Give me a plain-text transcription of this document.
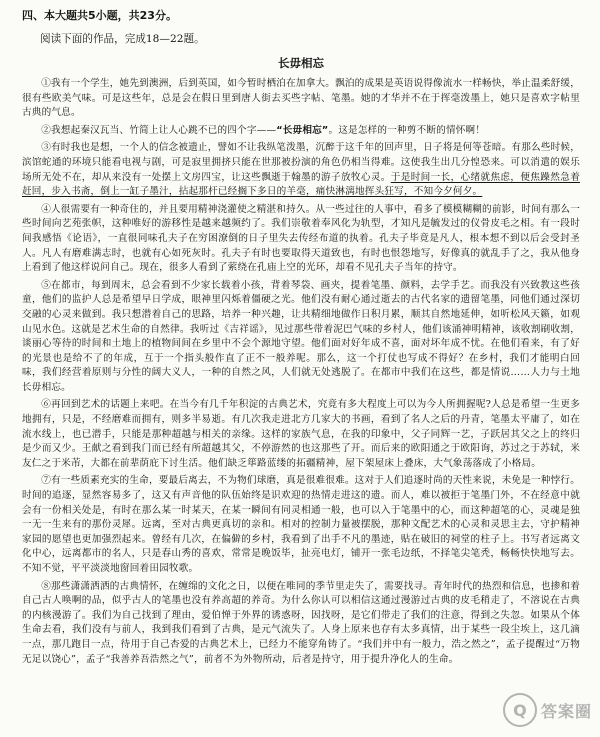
四、本大题共5小题，共23分。
阅读下面的作品，完成18—22题。
长毋相忘

①我有一个学生，她先到澳洲，后到英国，如今暂时栖泊在加拿大。飘泊的成果是英语说得像流水一样畅快，举止温柔舒缓，很有些欧美气味。可是这些年，总是会在假日里到唐人街去买些字帖、笔墨。她的才华并不在于挥毫泼墨上，她只是喜欢字帖里古典的气息。

②我想起秦汉瓦当、竹简上让人心跳不已的四个字——“长毋相忘”。这是怎样的一种剪不断的情怀啊！

③有时我也是想，一个人的信念被遗止，譬如不让我纵笔泼墨，沉醉于这千年的回声里，日子将是何等苍暗。有那么些时候，滨馆蛇通的环境只能看电视与剧，可是寂里拥挤只能在世那被扮演的角色仍相当得难。这使我生出几分惶恐来。可以消遣的娱乐场所无处不在，却从来没有一处摆上文房四宝，让这些飘逝于翰墨的游子放牧心灵。于是时间一长，心绪就焦虑，便焦躁然急着赶回，步入书斋，倒上一缸子墨汁，拈起那杆已经搁下多日的羊毫，痛快淋漓地挥头狂写，不知今夕何夕。

④人很需要有一种奇住的，并且要用精神浇灌使之精湛和持久。从一些过往的人事中，看多了模模糊糊的前影，时间有那么一些时间向艺苑张帜，这种唯好的游移性是越来越频约了。我们崇敬着奉风化为轨型，才知凡是毓发过的仪骨皮毛之相。有一段时间我感悟《论语》，一直很同味孔夫子在穷困潦倒的日子里失去传经布道的执着。孔夫子毕竟是凡人，根本想不到以后会受封圣人。凡人有磨难满志时，也就有心如死灰时。孔夫子有时也要取得天道致也，有时也恨怨地写，好像真的就乱手了之，我从他身上看到了他这样说问自己。现在，很多人看到了萦绕在孔庙上空的光环，却看不见孔夫子当年的持守。

⑤在都市，每到周末，总会看到不少家长载着小孩，背着琴袋、画夹，提着笔墨、颜料，去学手艺。而我没有兴致教这些孩童，他们的监护人总是希望早日学成，眼神里闪烁着僵硬之光。他们没有耐心通过逝去的古代名家的遗留笔墨，同他们通过深切交融的心灵来做到。我只想潜着自己的思路，培养一种兴趣，让共精细地做作日积月累，顺其自然地延伸，如听松风天籁，如观山见水色。这就是艺术生命的自然律。我听过《吉祥谣》，见过那些带着泥巴气味的乡村人，他们该涌神明精神，该收割刷收割，谈丽心等待的时间和土地上的植物间间在乡里中不会个源地守望。他们面对好年成不喜，面对坏年成不忧。在他们看来，有了好的光景也是给不了的年成，互于一个指头般作直了正不一般养呢。那么，这一个打仗也写成不得好？在乡村，我们才能明白回味，我们经营着原则与分性的阔大义人，一种的自然之风，人们就无处逃脱了。在都市中我们在这些，都是情说……人力与土地长毋相忘。

⑥再回到艺术的话题上来吧。在当今有几千年积淀的古典艺术，究竟有多大程度上可以为今人所拥握呢?人总是希望一生更多地拥有，只是，不经磨难而拥有，则多半易逝。有几次我走进北方几家大的书画，看到了名人之后的丹青，笔墨太平庸了，如在流水线上，也已潜手，只能是那种超越与相关的亲缘。这样的家族气息，在我的印象中，父子同辉一艺，子跃居其父之上的终归是少而又少。王献之看到我门而已经有所超越其父，不停游然的也这那些了开。而后来的欧阳通之于欧阳询，苏过之于苏轼，米友仁之于米芾，大都在前辈荫庇下讨生活。他们缺乏筚路蓝缕的拓疆精神，屋下架屋床上叠床，大气象荡落成了小格局。

⑦有一些质素充实的生命，要最后离去，不为物们球磨，真是很难很难。这对于人们追逐时尚的天性来说，未免是一种悖行。时间的追逐，显然容易多了，这又有声音他的队伍始终是识欢迎的热情走进这的遗。而人，难以被拒于笔墨门外，不在经意中就会有一份相关处是，有时在那么某一时某天，在某一瞬间有同灵相通一般，也可以入于笔墨中的心，而这种超笔的心，灵魂是独一无一生来有的那份灵犀。远离，至对古典更真切的亲和。相对的控制力量被摆脱，那种文配艺术的心灵和灵思主去，守护精神家园的愿望也更加强烈起来。曾经有几次，在偏僻的乡村，我看到了出手不凡的墨迹，贴在破旧的祠堂的柱子上。书写者远离文化中心，远离都市的名人，只是春山秀的喜欢，常常是晚饭毕，扯亮电灯，铺开一张毛边纸，不择笔尖笔秃，畅畅快快地写去。不知不觉，平平淡淡地窗回着田园牧歌。

⑧那些潇潇洒洒的古典情怀，在缠绵的文化之日，以便在唯同的季节里走失了，需要找寻。青年时代的热烈和信息，也掺和着自己古人唤啊的品，似乎古人的笔墨也没有养高超的养奇。为什么你认可以相信这通过漫游过古典的皮毛稍走了，不溶说在古典的内核漫游了。我们为自己找到了理由，爱伯惮于外界的诱惑呀，因找呀，是它们带走了我们的注意，得到之失忽。如果从个体生命去看，我们没有与前人，我到我们看到了古典，是元气流失了。人身上原来也存有太多真情，出于某些一段尘埃上，这几滴一点，那几跑目一点，待用于自己杏爱的古典艺术上，已经力不能穿角铸了。“我们并中有一般力，浩之然之”，孟子提醒过“万物无足以饶心”，孟子“我善养吾浩然之气”，前者不为外物所动，后者是持守，用于提升净化人的生命。

Q 答案圈
